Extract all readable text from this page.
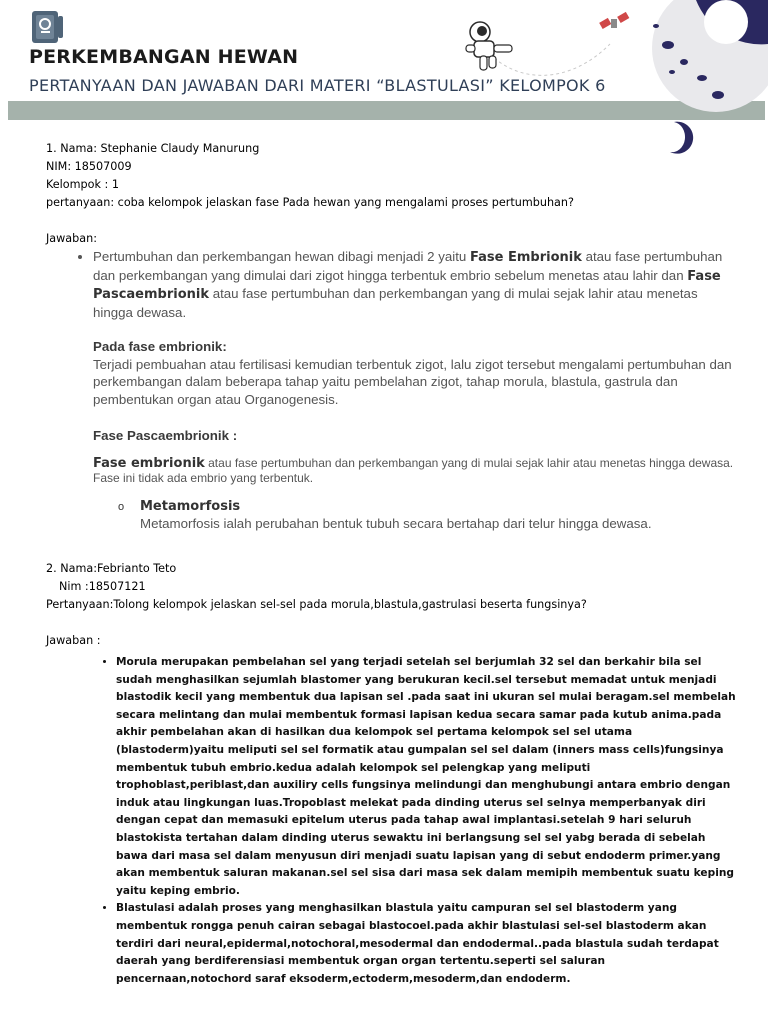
PERKEMBANGAN HEWAN
PERTANYAAN DAN JAWABAN DARI MATERI “BLASTULASI” KELOMPOK 6
1. Nama: Stephanie Claudy Manurung
NIM: 18507009
Kelompok : 1
pertanyaan: coba kelompok jelaskan fase Pada hewan yang mengalami proses pertumbuhan?
Jawaban:
• Pertumbuhan dan perkembangan hewan dibagi menjadi 2 yaitu Fase Embrionik atau fase pertumbuhan dan perkembangan yang dimulai dari zigot hingga terbentuk embrio sebelum menetas atau lahir dan Fase Pascaembrionik atau fase pertumbuhan dan perkembangan yang di mulai sejak lahir atau menetas hingga dewasa.
Pada fase embrionik:
Terjadi pembuahan atau fertilisasi kemudian terbentuk zigot, lalu zigot tersebut mengalami pertumbuhan dan perkembangan dalam beberapa tahap yaitu pembelahan zigot, tahap morula, blastula, gastrula dan pembentukan organ atau Organogenesis.
Fase Pascaembrionik :
Fase embrionik atau fase pertumbuhan dan perkembangan yang di mulai sejak lahir atau menetas hingga dewasa. Fase ini tidak ada embrio yang terbentuk.
o Metamorfosis
Metamorfosis ialah perubahan bentuk tubuh secara bertahap dari telur hingga dewasa.
2. Nama:Febrianto Teto
Nim :18507121
Pertanyaan:Tolong kelompok jelaskan sel-sel pada morula,blastula,gastrulasi beserta fungsinya?
Jawaban :
• Morula merupakan pembelahan sel yang terjadi setelah sel berjumlah 32 sel dan berkahir bila sel sudah menghasilkan sejumlah blastomer yang berukuran kecil.sel tersebut memadat untuk menjadi blastodik kecil yang membentuk dua lapisan sel .pada saat ini ukuran sel mulai beragam.sel membelah secara melintang dan mulai membentuk formasi lapisan kedua secara samar pada kutub anima.pada akhir pembelahan akan di hasilkan dua kelompok sel pertama kelompok sel sel utama (blastoderm)yaitu meliputi sel sel formatik atau gumpalan sel sel dalam (inners mass cells)fungsinya membentuk tubuh embrio.kedua adalah kelompok sel pelengkap yang meliputi trophoblast,periblast,dan auxiliry cells fungsinya melindungi dan menghubungi antara embrio dengan induk atau lingkungan luas.Tropoblast melekat pada dinding uterus sel selnya memperbanyak diri dengan cepat dan memasuki epitelum uterus pada tahap awal implantasi.setelah 9 hari seluruh blastokista tertahan dalam dinding uterus sewaktu ini berlangsung sel sel yabg berada di sebelah bawa dari masa sel dalam menyusun diri menjadi suatu lapisan yang di sebut endoderm primer.yang akan membentuk saluran makanan.sel sel sisa dari masa sek dalam memipih membentuk suatu keping yaitu keping embrio.
• Blastulasi adalah proses yang menghasilkan blastula yaitu campuran sel sel blastoderm yang membentuk rongga penuh cairan sebagai blastocoel.pada akhir blastulasi sel-sel blastoderm akan terdiri dari neural,epidermal,notochoral,mesodermal dan endodermal..pada blastula sudah terdapat daerah yang berdiferensiasi membentuk organ organ tertentu.seperti sel saluran pencernaan,notochord saraf eksoderm,ectoderm,mesoderm,dan endoderm.
